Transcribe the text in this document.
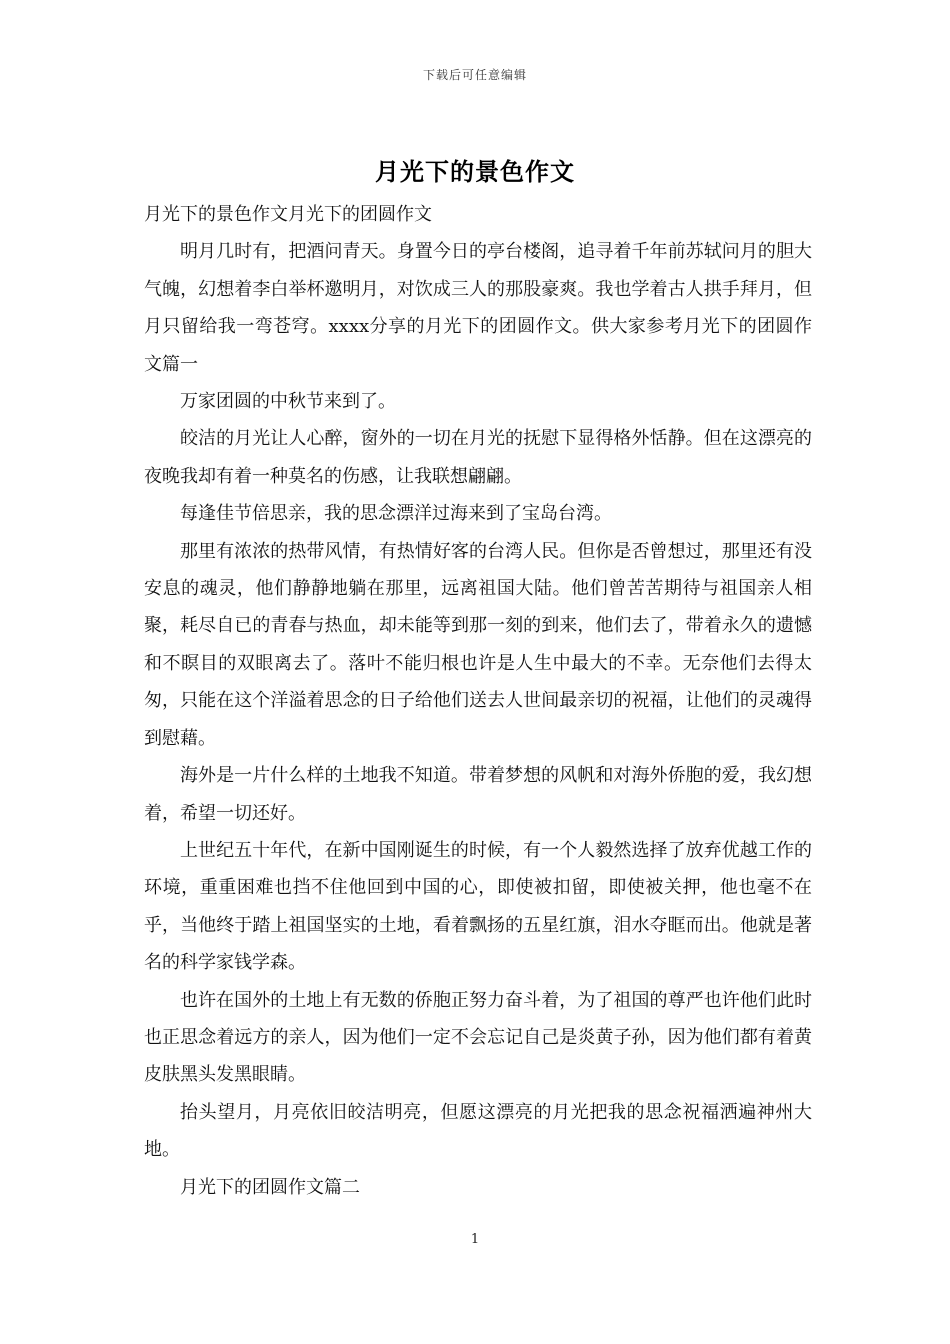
下载后可任意编辑
月光下的景色作文

月光下的景色作文月光下的团圆作文

明月几时有，把酒问青天。身置今日的亭台楼阁，追寻着千年前苏轼问月的胆大气魄，幻想着李白举杯邀明月，对饮成三人的那股豪爽。我也学着古人拱手拜月，但月只留给我一弯苍穹。xxxx分享的月光下的团圆作文。供大家参考月光下的团圆作文篇一

万家团圆的中秋节来到了。

皎洁的月光让人心醉，窗外的一切在月光的抚慰下显得格外恬静。但在这漂亮的夜晚我却有着一种莫名的伤感，让我联想翩翩。

每逢佳节倍思亲，我的思念漂洋过海来到了宝岛台湾。

那里有浓浓的热带风情，有热情好客的台湾人民。但你是否曾想过，那里还有没安息的魂灵，他们静静地躺在那里，远离祖国大陆。他们曾苦苦期待与祖国亲人相聚，耗尽自已的青春与热血，却未能等到那一刻的到来，他们去了，带着永久的遗憾和不瞑目的双眼离去了。落叶不能归根也许是人生中最大的不幸。无奈他们去得太匆，只能在这个洋溢着思念的日子给他们送去人世间最亲切的祝福，让他们的灵魂得到慰藉。

海外是一片什么样的土地我不知道。带着梦想的风帆和对海外侨胞的爱，我幻想着，希望一切还好。

上世纪五十年代，在新中国刚诞生的时候，有一个人毅然选择了放弃优越工作的环境，重重困难也挡不住他回到中国的心，即使被扣留，即使被关押，他也毫不在乎，当他终于踏上祖国坚实的土地，看着飘扬的五星红旗，泪水夺眶而出。他就是著名的科学家钱学森。

也许在国外的土地上有无数的侨胞正努力奋斗着，为了祖国的尊严也许他们此时也正思念着远方的亲人，因为他们一定不会忘记自己是炎黄子孙，因为他们都有着黄皮肤黑头发黑眼睛。

抬头望月，月亮依旧皎洁明亮，但愿这漂亮的月光把我的思念祝福洒遍神州大地。

月光下的团圆作文篇二

1
